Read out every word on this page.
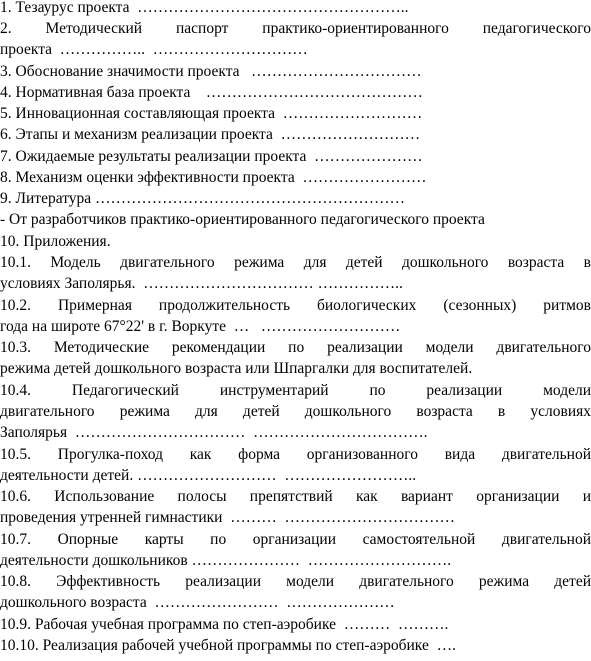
1. Тезаурус проекта  ……………………………………………..
2. Методический паспорт практико-ориентированного педагогического
проекта  ……………..  …………………………
3. Обоснование значимости проекта   ……………………………
4. Нормативная база проекта    ……………………………………
5. Инновационная составляющая проекта  ………………………
6. Этапы и механизм реализации проекта  ………………………
7. Ожидаемые результаты реализации проекта  …………………
8. Механизм оценки эффективности проекта  ……………………
9. Литература ……………………………………………………
- От разработчиков практико-ориентированного педагогического проекта
10. Приложения.
10.1. Модель двигательного режима для детей дошкольного возраста в
условиях Заполярья.  …………………………… ……………..
10.2. Примерная продолжительность биологических (сезонных) ритмов
года на широте 67°22' в г. Воркуте  …   ………………………
10.3. Методические рекомендации по реализации модели двигательного
режима детей дошкольного возраста или Шпаргалки для воспитателей.
10.4. Педагогический инструментарий по реализации модели
двигательного режима для детей дошкольного возраста в условиях
Заполярья  ……………………………  …………………………….
10.5. Прогулка-поход как форма организованного вида двигательной
деятельности детей. ………………………  ……………………..
10.6. Использование полосы препятствий как вариант организации и
проведения утренней гимнастики  ………  ……………………………
10.7. Опорные карты по организации самостоятельной двигательной
деятельности дошкольников …………………  ……………………….
10.8. Эффективность реализации модели двигательного режима детей
дошкольного возраста  ……………………  …………………
10.9. Рабочая учебная программа по степ-аэробике  ………  ……….
10.10. Реализация рабочей учебной программы по степ-аэробике  ….
